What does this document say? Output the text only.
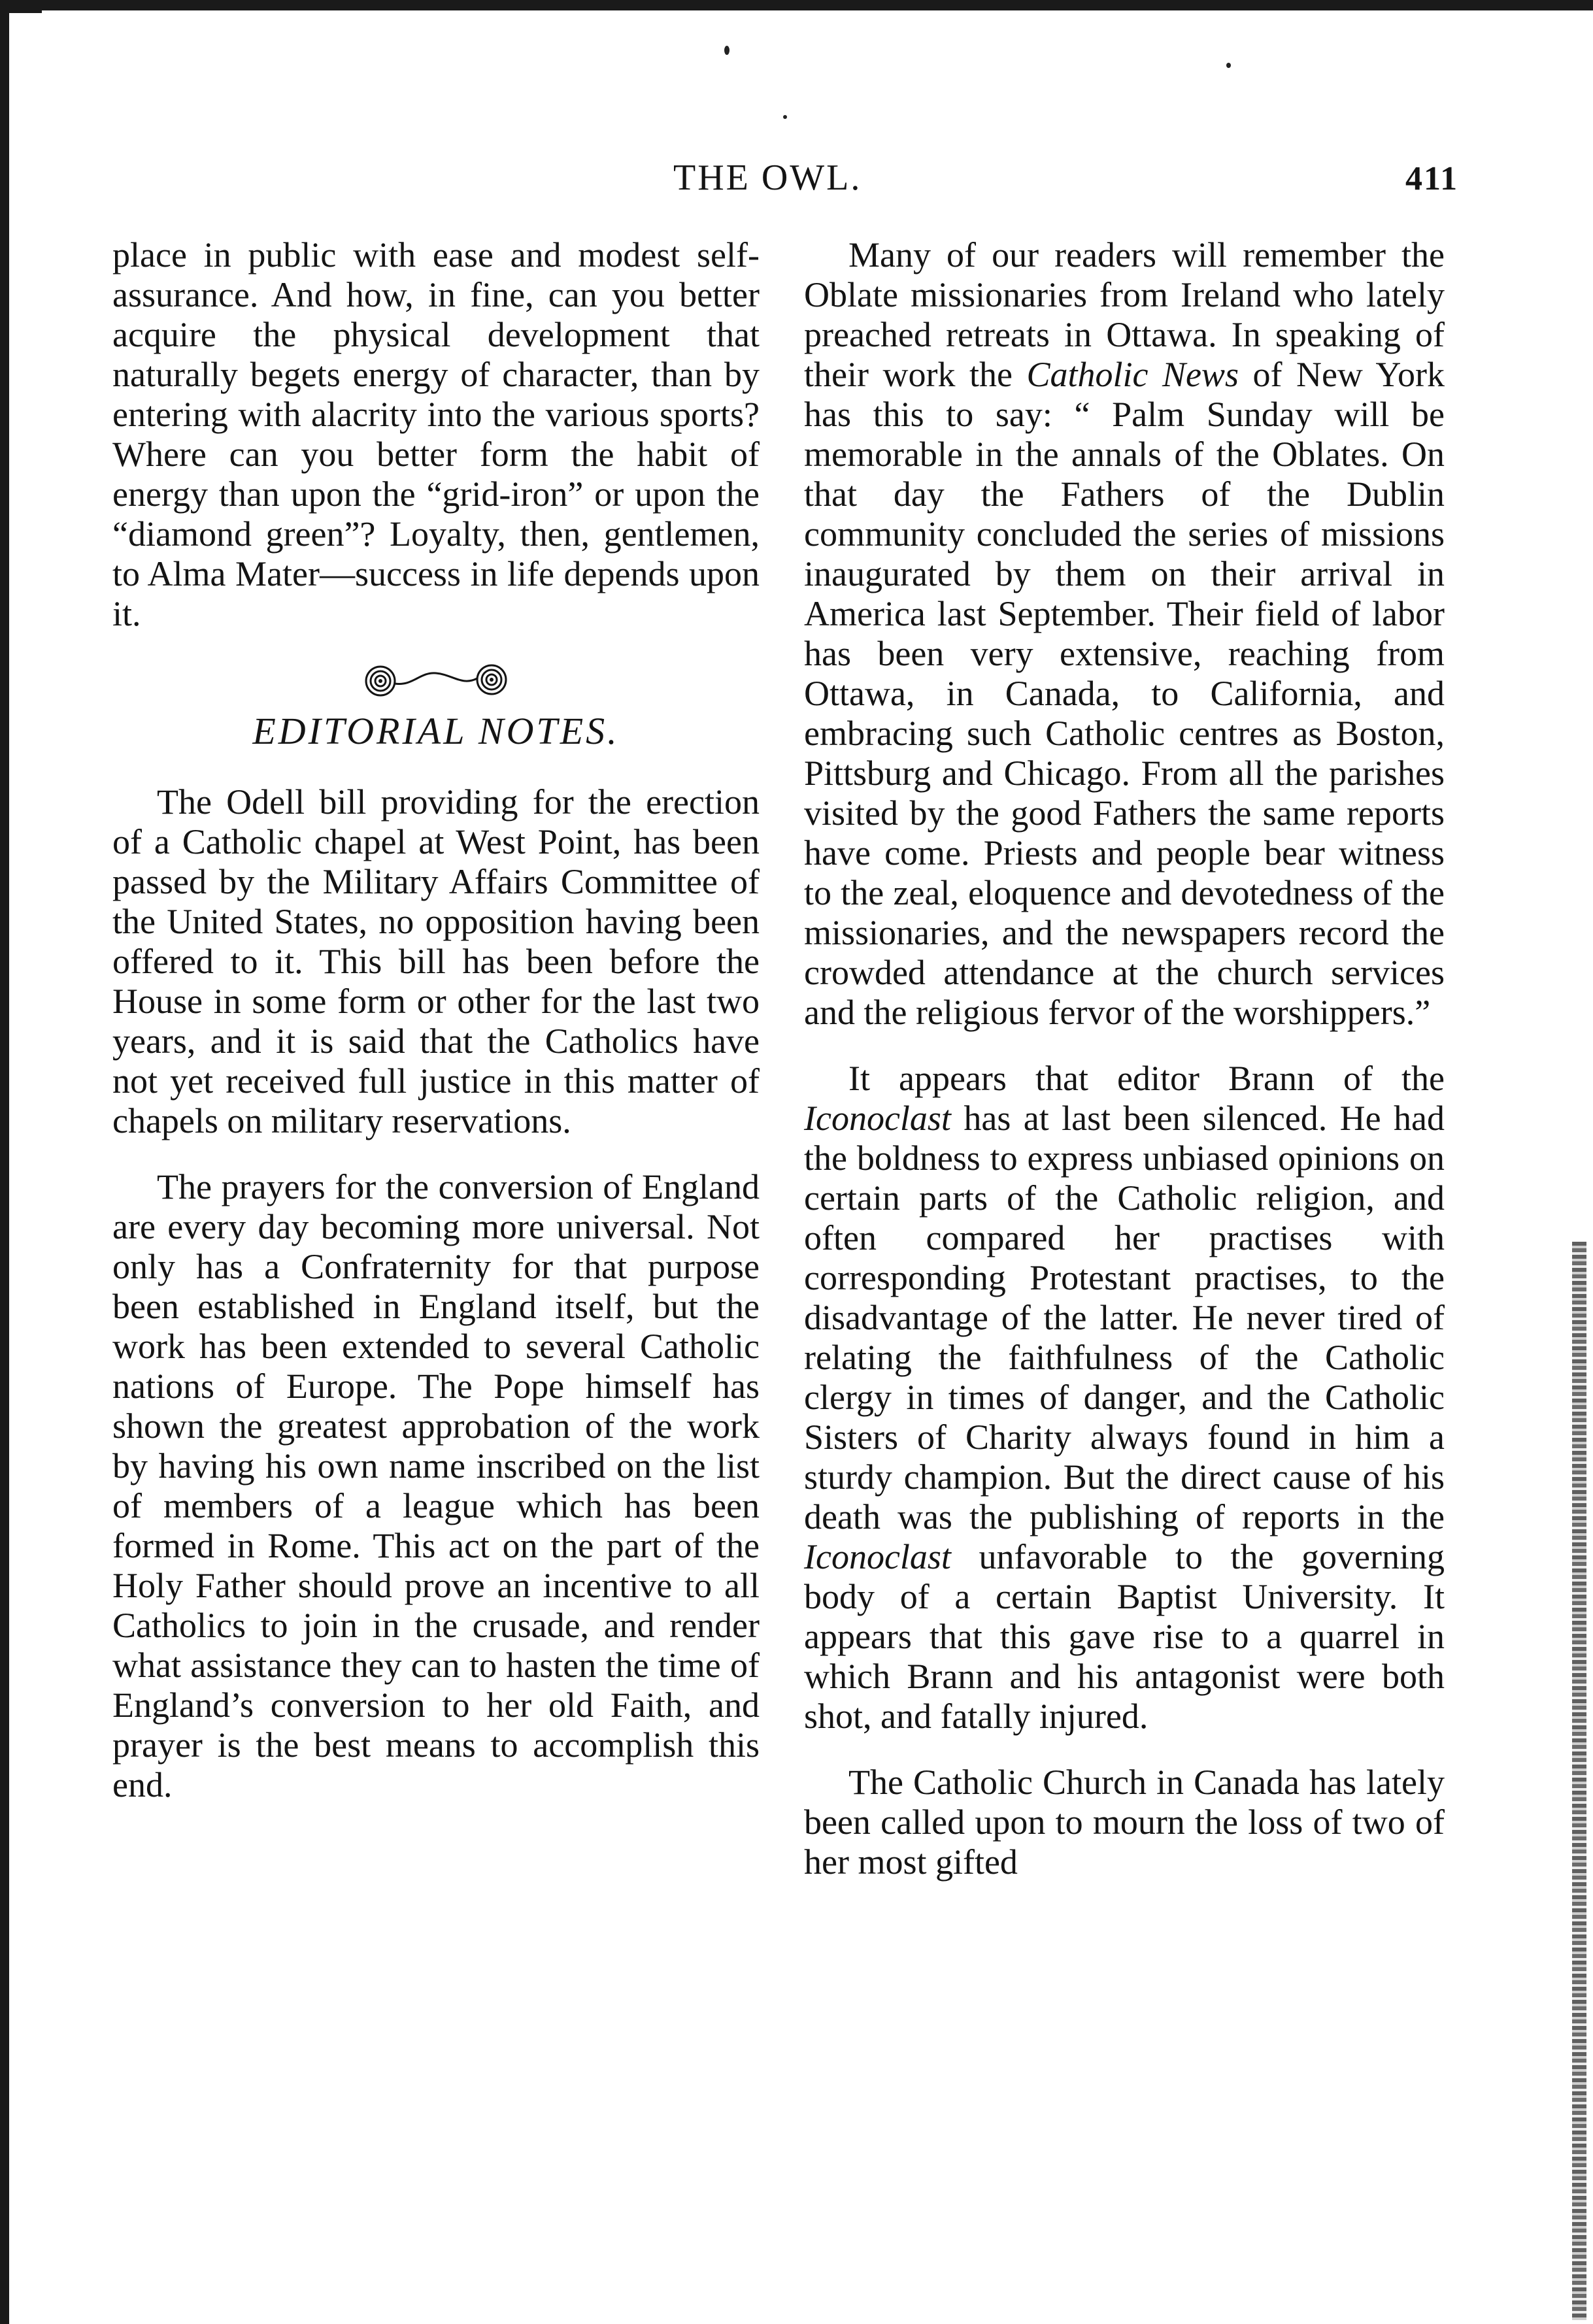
THE OWL.	411

place in public with ease and modest self-assurance. And how, in fine, can you better acquire the physical development that naturally begets energy of character, than by entering with alacrity into the various sports? Where can you better form the habit of energy than upon the “grid-iron” or upon the “diamond green”? Loyalty, then, gentlemen, to Alma Mater—success in life depends upon it.

EDITORIAL NOTES.

The Odell bill providing for the erection of a Catholic chapel at West Point, has been passed by the Military Affairs Committee of the United States, no opposition having been offered to it. This bill has been before the House in some form or other for the last two years, and it is said that the Catholics have not yet received full justice in this matter of chapels on military reservations.

The prayers for the conversion of England are every day becoming more universal. Not only has a Confraternity for that purpose been established in England itself, but the work has been extended to several Catholic nations of Europe. The Pope himself has shown the greatest approbation of the work by having his own name inscribed on the list of members of a league which has been formed in Rome. This act on the part of the Holy Father should prove an incentive to all Catholics to join in the crusade, and render what assistance they can to hasten the time of England’s conversion to her old Faith, and prayer is the best means to accomplish this end.

Many of our readers will remember the Oblate missionaries from Ireland who lately preached retreats in Ottawa. In speaking of their work the Catholic News of New York has this to say: “ Palm Sunday will be memorable in the annals of the Oblates. On that day the Fathers of the Dublin community concluded the series of missions inaugurated by them on their arrival in America last September. Their field of labor has been very extensive, reaching from Ottawa, in Canada, to California, and embracing such Catholic centres as Boston, Pittsburg and Chicago. From all the parishes visited by the good Fathers the same reports have come. Priests and people bear witness to the zeal, eloquence and devotedness of the missionaries, and the newspapers record the crowded attendance at the church services and the religious fervor of the worshippers.”

It appears that editor Brann of the Iconoclast has at last been silenced. He had the boldness to express unbiased opinions on certain parts of the Catholic religion, and often compared her practises with corresponding Protestant practises, to the disadvantage of the latter. He never tired of relating the faithfulness of the Catholic clergy in times of danger, and the Catholic Sisters of Charity always found in him a sturdy champion. But the direct cause of his death was the publishing of reports in the Iconoclast unfavorable to the governing body of a certain Baptist University. It appears that this gave rise to a quarrel in which Brann and his antagonist were both shot, and fatally injured.

The Catholic Church in Canada has lately been called upon to mourn the loss of two of her most gifted
